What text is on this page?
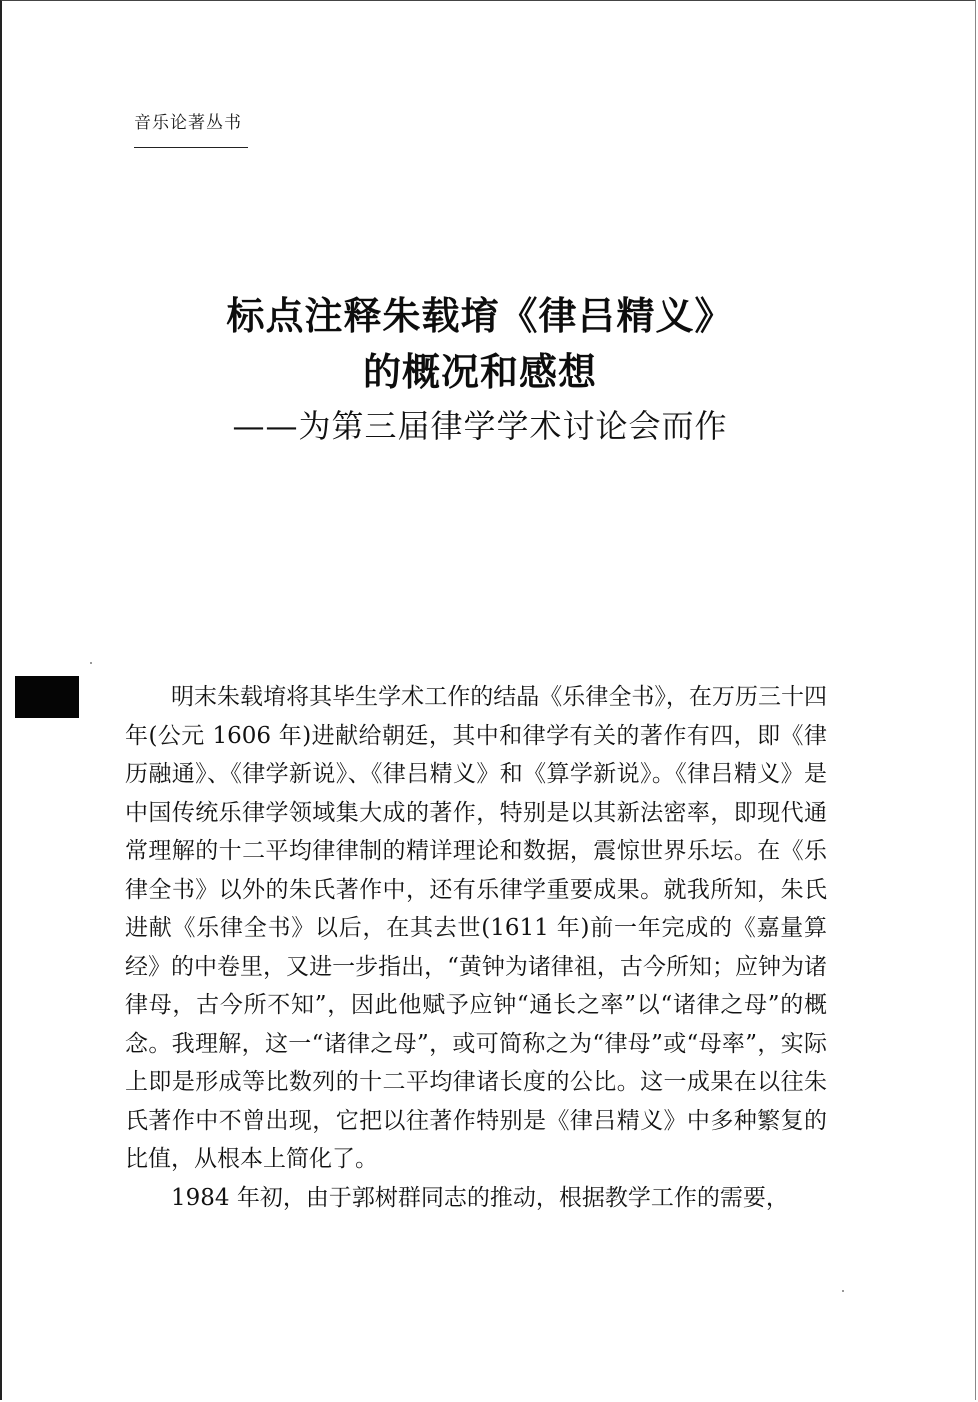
音乐论著丛书
标点注释朱载堉《律吕精义》
的概况和感想
——为第三届律学学术讨论会而作

明末朱载堉将其毕生学术工作的结晶《乐律全书》，在万历三十四年(公元 1606 年)进献给朝廷，其中和律学有关的著作有四，即《律历融通》、《律学新说》、《律吕精义》和《算学新说》。《律吕精义》是中国传统乐律学领域集大成的著作，特别是以其新法密率，即现代通常理解的十二平均律律制的精详理论和数据，震惊世界乐坛。在《乐律全书》以外的朱氏著作中，还有乐律学重要成果。就我所知，朱氏进献《乐律全书》以后，在其去世(1611 年)前一年完成的《嘉量算经》的中卷里，又进一步指出，“黄钟为诸律祖，古今所知；应钟为诸律母，古今所不知”，因此他赋予应钟“通长之率”以“诸律之母”的概念。我理解，这一“诸律之母”，或可简称之为“律母”或“母率”，实际上即是形成等比数列的十二平均律诸长度的公比。这一成果在以往朱氏著作中不曾出现，它把以往著作特别是《律吕精义》中多种繁复的比值，从根本上简化了。

1984 年初，由于郭树群同志的推动，根据教学工作的需要，
